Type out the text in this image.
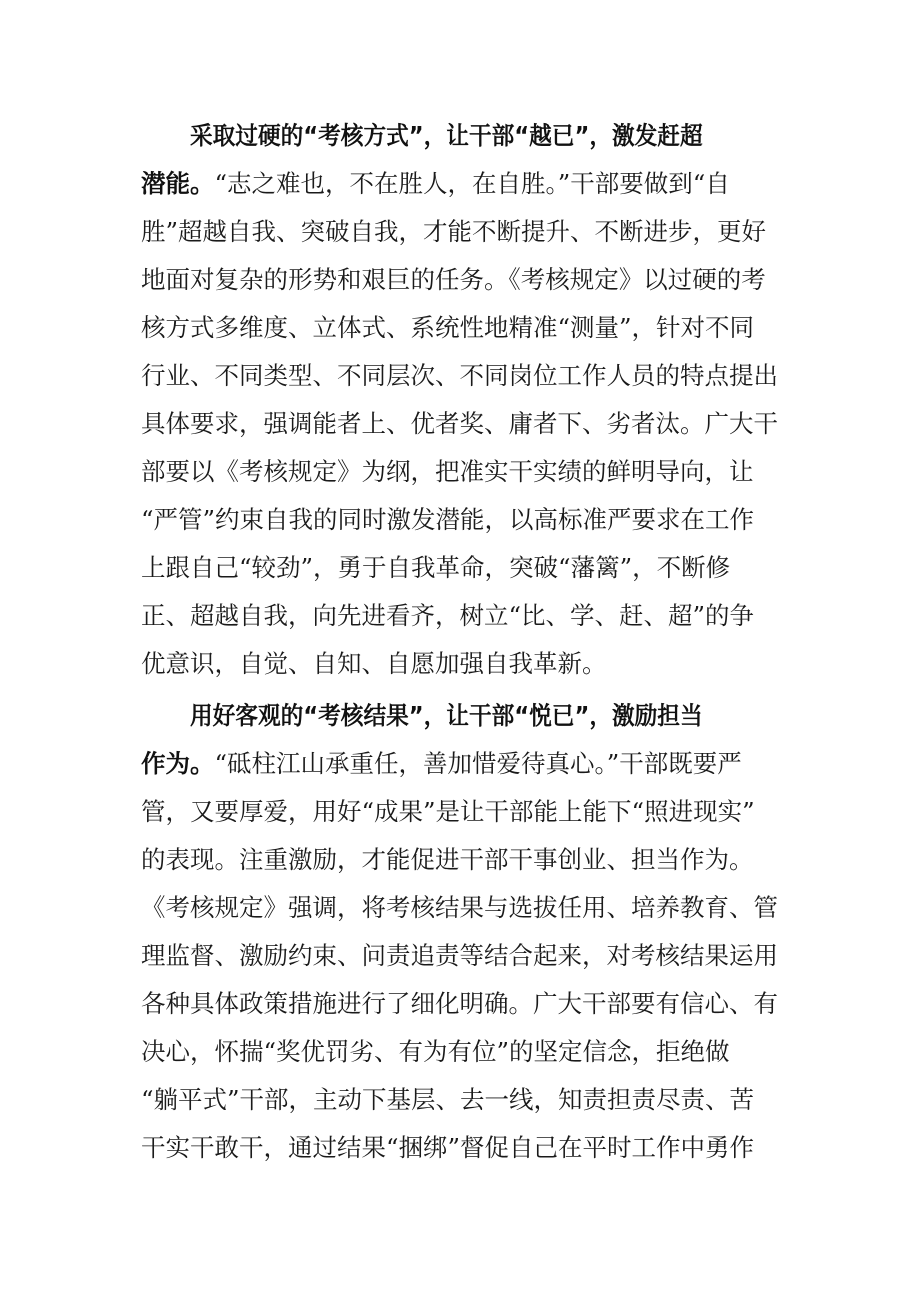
采取过硬的“考核方式”，让干部“越已”，激发赶超
潜能。“志之难也，不在胜人，在自胜。”干部要做到“自
胜”超越自我、突破自我，才能不断提升、不断进步，更好
地面对复杂的形势和艰巨的任务。《考核规定》以过硬的考
核方式多维度、立体式、系统性地精准“测量”，针对不同
行业、不同类型、不同层次、不同岗位工作人员的特点提出
具体要求，强调能者上、优者奖、庸者下、劣者汰。广大干
部要以《考核规定》为纲，把准实干实绩的鲜明导向，让
“严管”约束自我的同时激发潜能，以高标准严要求在工作
上跟自己“较劲”，勇于自我革命，突破“藩篱”，不断修
正、超越自我，向先进看齐，树立“比、学、赶、超”的争
优意识，自觉、自知、自愿加强自我革新。
用好客观的“考核结果”，让干部“悦已”，激励担当
作为。“砥柱江山承重任，善加惜爱待真心。”干部既要严
管，又要厚爱，用好“成果”是让干部能上能下“照进现实”
的表现。注重激励，才能促进干部干事创业、担当作为。
《考核规定》强调，将考核结果与选拔任用、培养教育、管
理监督、激励约束、问责追责等结合起来，对考核结果运用
各种具体政策措施进行了细化明确。广大干部要有信心、有
决心，怀揣“奖优罚劣、有为有位”的坚定信念，拒绝做
“躺平式”干部，主动下基层、去一线，知责担责尽责、苦
干实干敢干，通过结果“捆绑”督促自己在平时工作中勇作
